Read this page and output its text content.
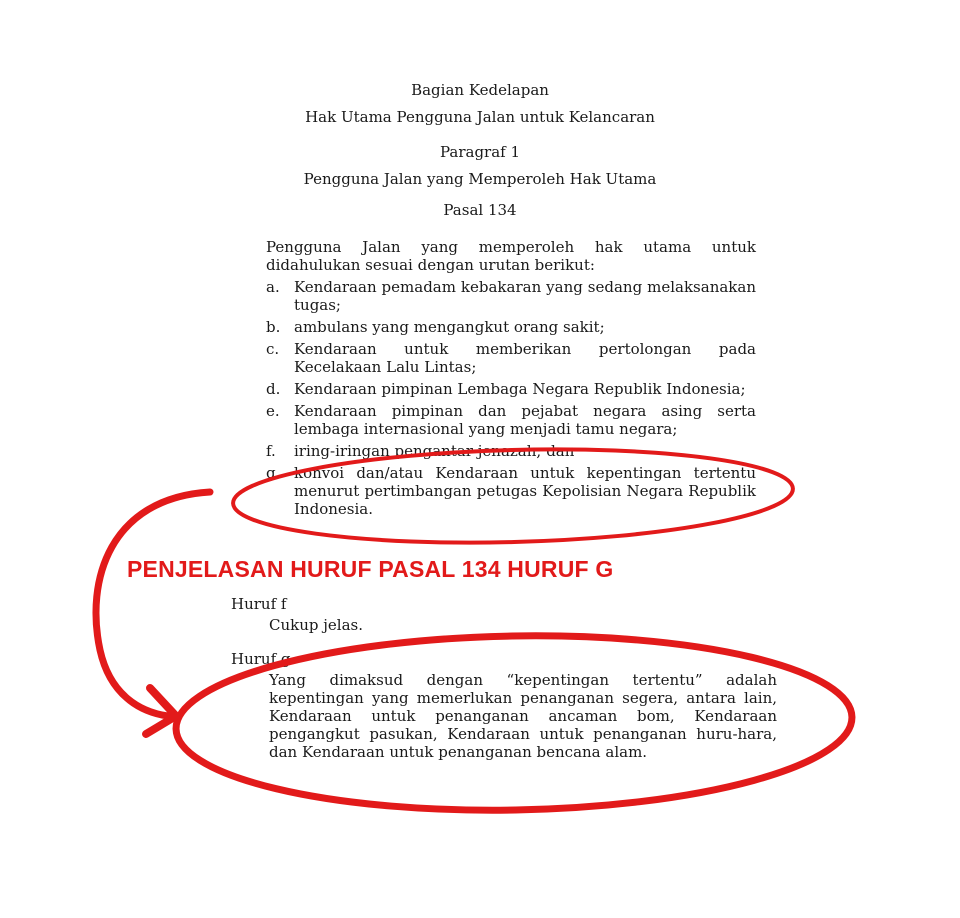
Bagian Kedelapan
Hak Utama Pengguna Jalan untuk Kelancaran
Paragraf 1
Pengguna Jalan yang Memperoleh Hak Utama
Pasal 134
Pengguna Jalan yang memperoleh hak utama untuk didahulukan sesuai dengan urutan berikut:
a. Kendaraan pemadam kebakaran yang sedang melaksanakan tugas;
b. ambulans yang mengangkut orang sakit;
c. Kendaraan untuk memberikan pertolongan pada Kecelakaan Lalu Lintas;
d. Kendaraan pimpinan Lembaga Negara Republik Indonesia;
e. Kendaraan pimpinan dan pejabat negara asing serta lembaga internasional yang menjadi tamu negara;
f.	iring-iringan pengantar jenazah; dan
g. konvoi dan/atau Kendaraan untuk kepentingan tertentu menurut pertimbangan petugas Kepolisian Negara Republik Indonesia.
PENJELASAN HURUF PASAL 134 HURUF G
Huruf f
Cukup jelas.
Huruf g
Yang dimaksud dengan “kepentingan tertentu” adalah kepentingan yang memerlukan penanganan segera, antara lain, Kendaraan untuk penanganan ancaman bom, Kendaraan pengangkut pasukan, Kendaraan untuk penanganan huru-hara, dan Kendaraan untuk penanganan bencana alam.
